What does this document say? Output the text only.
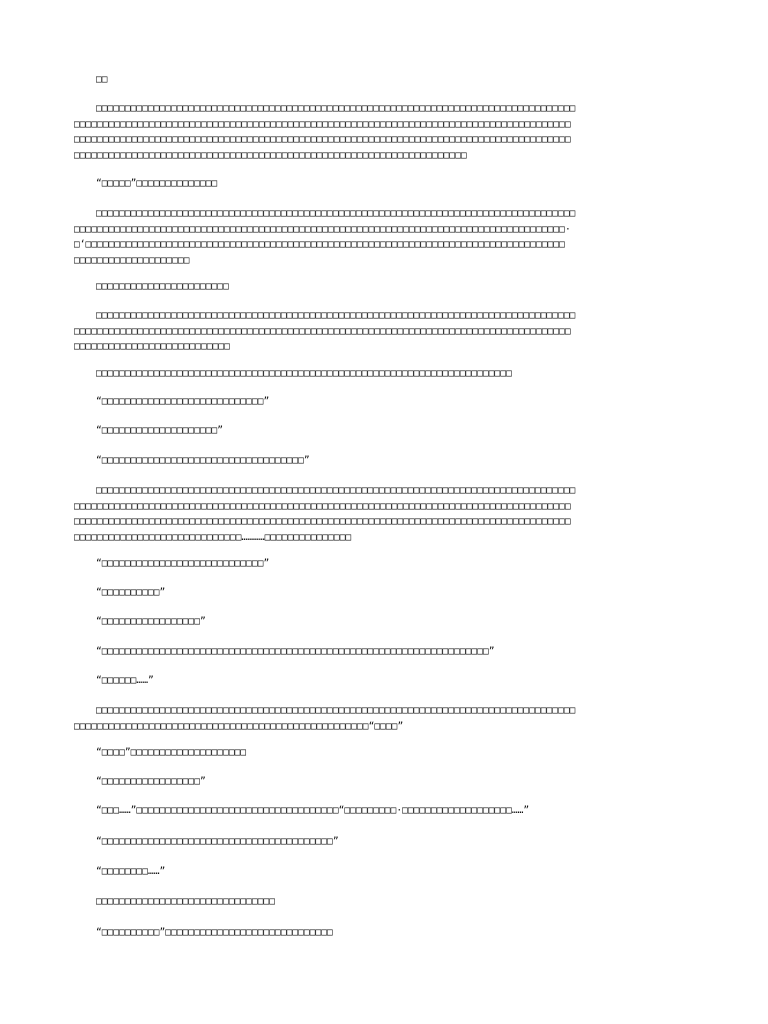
□□
□□□□□□□□□□□□□□□□□□□□□□□□□□□□□□□□□□□□□□□□□□□□□□□□□□□□□□□□□□□□□□□□□□□□□□□□□□□□□□□□□□□
□□□□□□□□□□□□□□□□□□□□□□□□□□□□□□□□□□□□□□□□□□□□□□□□□□□□□□□□□□□□□□□□□□□□□□□□□□□□□□□□□□□□□□
□□□□□□□□□□□□□□□□□□□□□□□□□□□□□□□□□□□□□□□□□□□□□□□□□□□□□□□□□□□□□□□□□□□□□□□□□□□□□□□□□□□□□□
□□□□□□□□□□□□□□□□□□□□□□□□□□□□□□□□□□□□□□□□□□□□□□□□□□□□□□□□□□□□□□□□□□□□
“□□□□□”□□□□□□□□□□□□□□
□□□□□□□□□□□□□□□□□□□□□□□□□□□□□□□□□□□□□□□□□□□□□□□□□□□□□□□□□□□□□□□□□□□□□□□□□□□□□□□□□□□
□□□□□□□□□□□□□□□□□□□□□□□□□□□□□□□□□□□□□□□□□□□□□□□□□□□□□□□□□□□□□□□□□□□□□□□□□□□□□□□□□□□□□·
□‘□□□□□□□□□□□□□□□□□□□□□□□□□□□□□□□□□□□□□□□□□□□□□□□□□□□□□□□□□□□□□□□□□□□□□□□□□□□□□□□□□□□
□□□□□□□□□□□□□□□□□□□□
□□□□□□□□□□□□□□□□□□□□□□□
□□□□□□□□□□□□□□□□□□□□□□□□□□□□□□□□□□□□□□□□□□□□□□□□□□□□□□□□□□□□□□□□□□□□□□□□□□□□□□□□□□□
□□□□□□□□□□□□□□□□□□□□□□□□□□□□□□□□□□□□□□□□□□□□□□□□□□□□□□□□□□□□□□□□□□□□□□□□□□□□□□□□□□□□□□
□□□□□□□□□□□□□□□□□□□□□□□□□□□
□□□□□□□□□□□□□□□□□□□□□□□□□□□□□□□□□□□□□□□□□□□□□□□□□□□□□□□□□□□□□□□□□□□□□□□□
“□□□□□□□□□□□□□□□□□□□□□□□□□□□□”
“□□□□□□□□□□□□□□□□□□□□”
“□□□□□□□□□□□□□□□□□□□□□□□□□□□□□□□□□□□”
□□□□□□□□□□□□□□□□□□□□□□□□□□□□□□□□□□□□□□□□□□□□□□□□□□□□□□□□□□□□□□□□□□□□□□□□□□□□□□□□□□□
□□□□□□□□□□□□□□□□□□□□□□□□□□□□□□□□□□□□□□□□□□□□□□□□□□□□□□□□□□□□□□□□□□□□□□□□□□□□□□□□□□□□□□
□□□□□□□□□□□□□□□□□□□□□□□□□□□□□□□□□□□□□□□□□□□□□□□□□□□□□□□□□□□□□□□□□□□□□□□□□□□□□□□□□□□□□□
□□□□□□□□□□□□□□□□□□□□□□□□□□□□□…………□□□□□□□□□□□□□□□
“□□□□□□□□□□□□□□□□□□□□□□□□□□□□”
“□□□□□□□□□□”
“□□□□□□□□□□□□□□□□□”
“□□□□□□□□□□□□□□□□□□□□□□□□□□□□□□□□□□□□□□□□□□□□□□□□□□□□□□□□□□□□□□□□□□□”
“□□□□□□……”
□□□□□□□□□□□□□□□□□□□□□□□□□□□□□□□□□□□□□□□□□□□□□□□□□□□□□□□□□□□□□□□□□□□□□□□□□□□□□□□□□□□
□□□□□□□□□□□□□□□□□□□□□□□□□□□□□□□□□□□□□□□□□□□□□□□□□□□“□□□□”
“□□□□”□□□□□□□□□□□□□□□□□□□□
“□□□□□□□□□□□□□□□□□”
“□□□……”□□□□□□□□□□□□□□□□□□□□□□□□□□□□□□□□□□□“□□□□□□□□□·□□□□□□□□□□□□□□□□□□□……”
“□□□□□□□□□□□□□□□□□□□□□□□□□□□□□□□□□□□□□□□□”
“□□□□□□□□……”
□□□□□□□□□□□□□□□□□□□□□□□□□□□□□□□
“□□□□□□□□□□”□□□□□□□□□□□□□□□□□□□□□□□□□□□□□
